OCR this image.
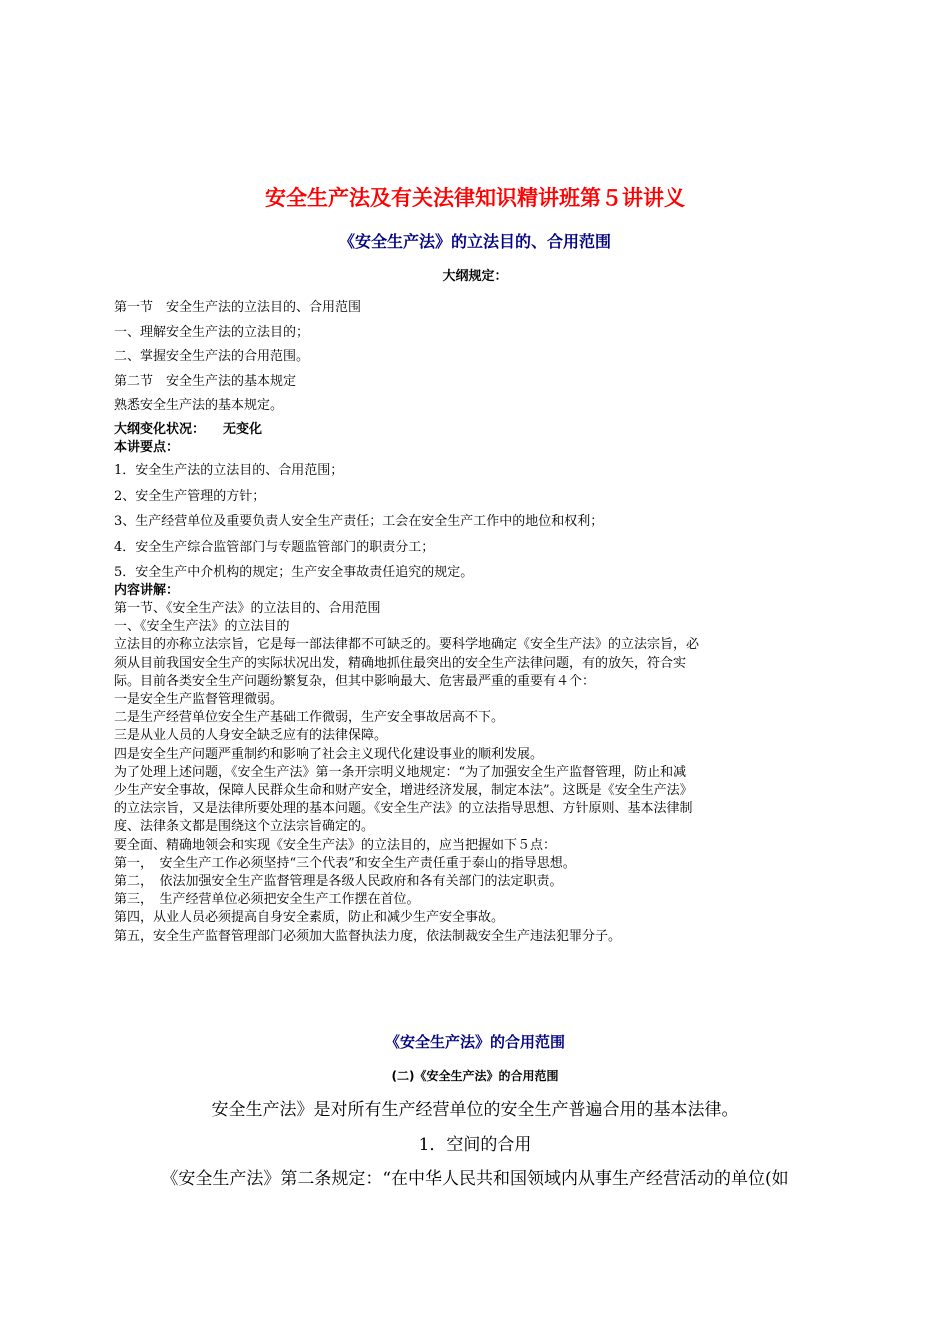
安全生产法及有关法律知识精讲班第５讲讲义
《安全生产法》的立法目的、合用范围
大纲规定：
第一节　安全生产法的立法目的、合用范围
一、理解安全生产法的立法目的；
二、掌握安全生产法的合用范围。
第二节　安全生产法的基本规定
熟悉安全生产法的基本规定。
大纲变化状况： 无变化
本讲要点：
1．安全生产法的立法目的、合用范围；
2、安全生产管理的方针；
3、生产经营单位及重要负责人安全生产责任；工会在安全生产工作中的地位和权利；
4．安全生产综合监管部门与专题监管部门的职责分工；
5．安全生产中介机构的规定；生产安全事故责任追究的规定。
内容讲解：
第一节、《安全生产法》的立法目的、合用范围
一、《安全生产法》的立法目的
立法目的亦称立法宗旨，它是每一部法律都不可缺乏的。要科学地确定《安全生产法》的立法宗旨，必
须从目前我国安全生产的实际状况出发，精确地抓住最突出的安全生产法律问题，有的放矢，符合实
际。目前各类安全生产问题纷繁复杂，但其中影响最大、危害最严重的重要有４个：
一是安全生产监督管理微弱。
二是生产经营单位安全生产基础工作微弱，生产安全事故居高不下。
三是从业人员的人身安全缺乏应有的法律保障。
四是安全生产问题严重制约和影响了社会主义现代化建设事业的顺利发展。
为了处理上述问题，《安全生产法》第一条开宗明义地规定：“为了加强安全生产监督管理，防止和减
少生产安全事故，保障人民群众生命和财产安全，增进经济发展，制定本法”。这既是《安全生产法》
的立法宗旨，又是法律所要处理的基本问题。《安全生产法》的立法指导思想、方针原则、基本法律制
度、法律条文都是围绕这个立法宗旨确定的。
要全面、精确地领会和实现《安全生产法》的立法目的，应当把握如下５点：
第一，　安全生产工作必须坚持“三个代表”和安全生产责任重于泰山的指导思想。
第二，　依法加强安全生产监督管理是各级人民政府和各有关部门的法定职责。
第三，　生产经营单位必须把安全生产工作摆在首位。
第四，从业人员必须提高自身安全素质，防止和减少生产安全事故。
第五，安全生产监督管理部门必须加大监督执法力度，依法制裁安全生产违法犯罪分子。
《安全生产法》的合用范围
(二)《安全生产法》的合用范围

安全生产法》是对所有生产经营单位的安全生产普遍合用的基本法律。

1．空间的合用

《安全生产法》第二条规定：“在中华人民共和国领域内从事生产经营活动的单位(如
